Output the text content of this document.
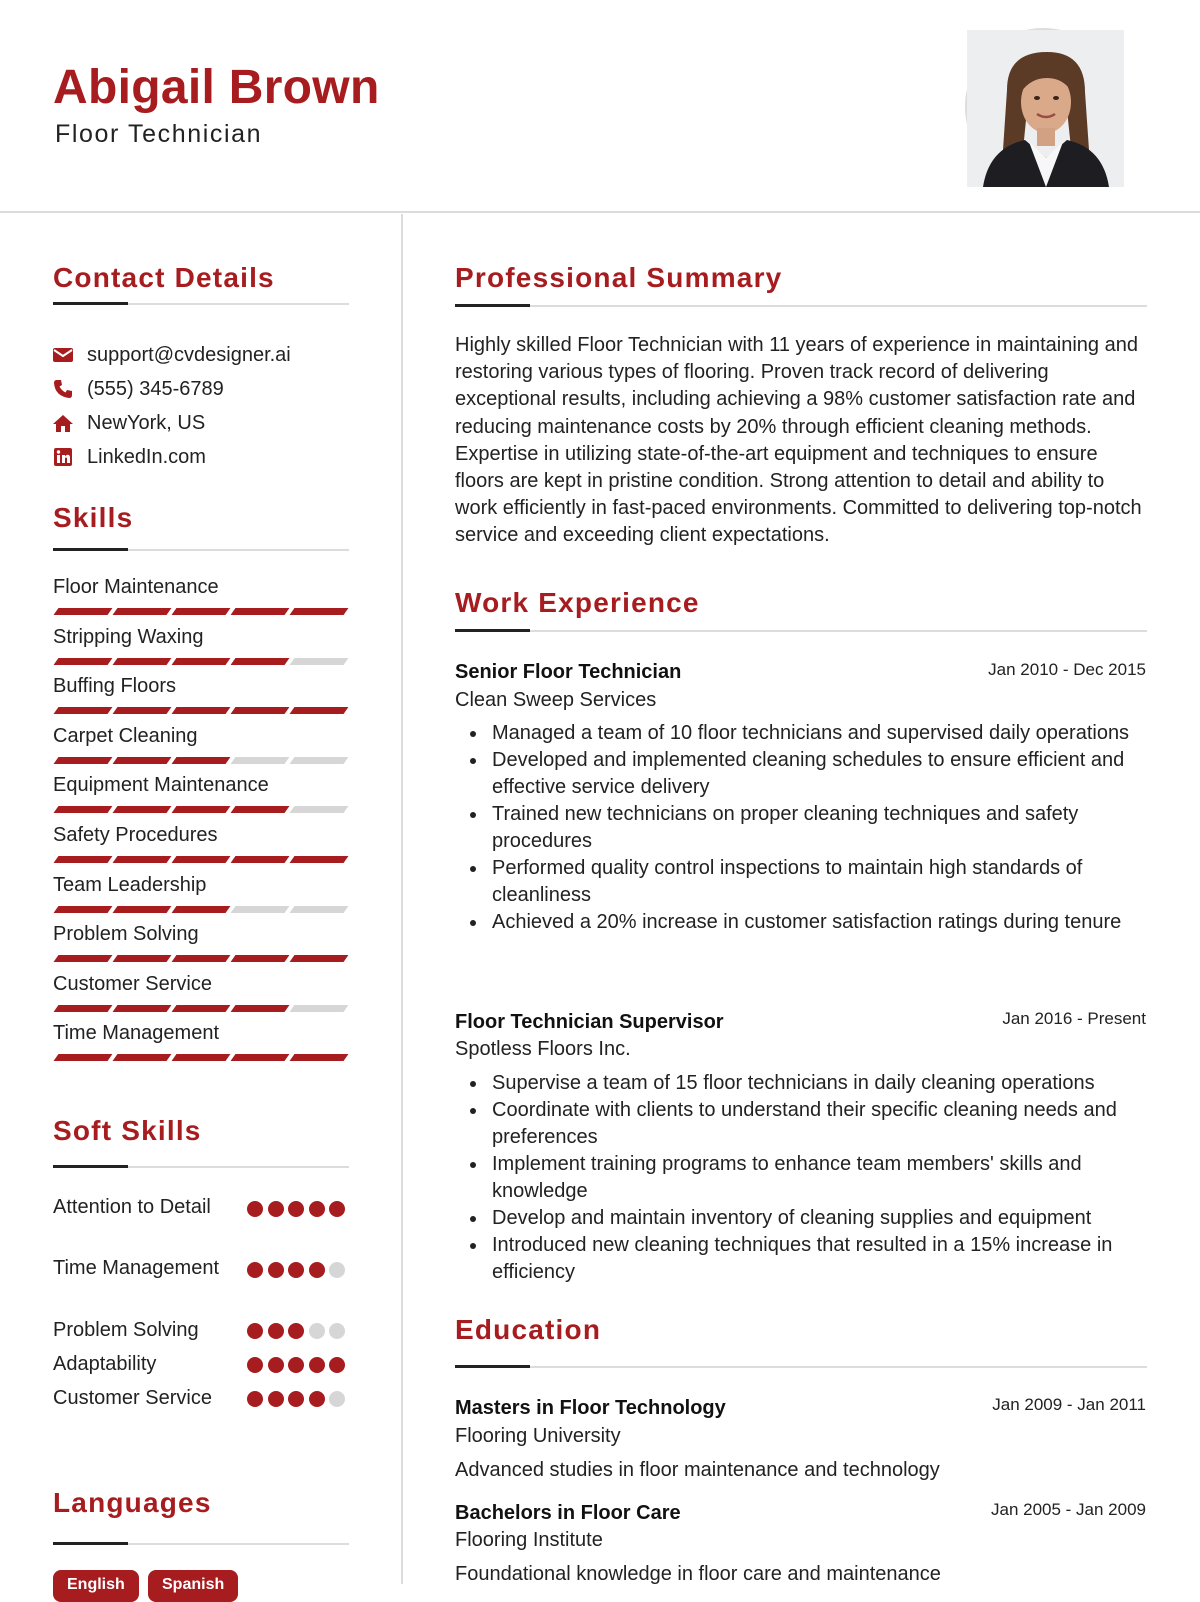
Abigail Brown
Floor Technician
Contact Details
support@cvdesigner.ai
(555) 345-6789
NewYork, US
LinkedIn.com
Skills
Floor Maintenance
Stripping Waxing
Buffing Floors
Carpet Cleaning
Equipment Maintenance
Safety Procedures
Team Leadership
Problem Solving
Customer Service
Time Management
Soft Skills
Attention to Detail
Time Management
Problem Solving
Adaptability
Customer Service
Languages
English	Spanish
Professional Summary
Highly skilled Floor Technician with 11 years of experience in maintaining and restoring various types of flooring. Proven track record of delivering exceptional results, including achieving a 98% customer satisfaction rate and reducing maintenance costs by 20% through efficient cleaning methods. Expertise in utilizing state-of-the-art equipment and techniques to ensure floors are kept in pristine condition. Strong attention to detail and ability to work efficiently in fast-paced environments. Committed to delivering top-notch service and exceeding client expectations.
Work Experience
Senior Floor Technician	Jan 2010 - Dec 2015
Clean Sweep Services
Managed a team of 10 floor technicians and supervised daily operations
Developed and implemented cleaning schedules to ensure efficient and effective service delivery
Trained new technicians on proper cleaning techniques and safety procedures
Performed quality control inspections to maintain high standards of cleanliness
Achieved a 20% increase in customer satisfaction ratings during tenure
Floor Technician Supervisor	Jan 2016 - Present
Spotless Floors Inc.
Supervise a team of 15 floor technicians in daily cleaning operations
Coordinate with clients to understand their specific cleaning needs and preferences
Implement training programs to enhance team members' skills and knowledge
Develop and maintain inventory of cleaning supplies and equipment
Introduced new cleaning techniques that resulted in a 15% increase in efficiency
Education
Masters in Floor Technology	Jan 2009 - Jan 2011
Flooring University
Advanced studies in floor maintenance and technology
Bachelors in Floor Care	Jan 2005 - Jan 2009
Flooring Institute
Foundational knowledge in floor care and maintenance
